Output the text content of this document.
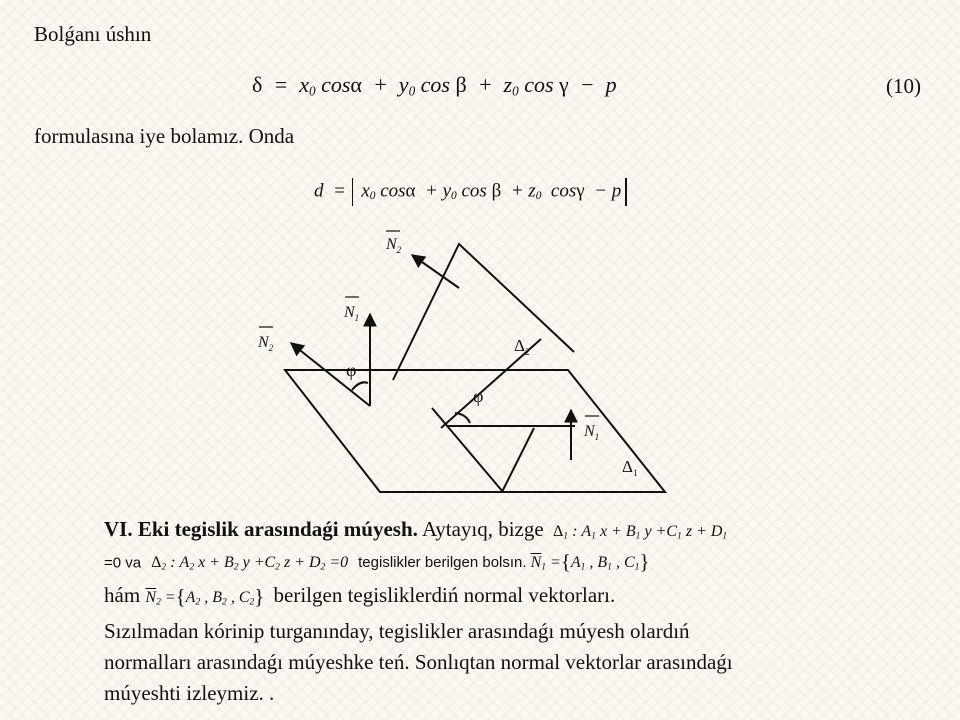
Bolǵanı úshın
$\delta = x_0$ $\cos\alpha + y_0$ $\cos \beta + z_0$ cos γ  −  p	(10)
formulasına iye bolamız. Onda
$d = x_0$ $\cos\alpha + y_0$ $\cos \beta + z_0$  cosγ  − p
$N_2$
$N_1$
$N_2$
$N_1$
$\Delta_2$
$\Delta_1$
φ
φ
VI. Eki tegislik arasındaǵi múyesh. Aytayıq, bizge $\Delta_1$ : $A_1$ $x + B_1$ $y +C_1$ $z + D_1$
=0 va $\Delta_2$ : $A_2$ $x + B_2$ $y +C_2$ $z + D_2 =0$ tegislikler berilgen bolsın. $\overline{N}_1 =\{A_1$ , $B_1$ , $C_1$}
hám $\overline{N}_2 =\{A_2$ , $B_2$ , $C_2$} berilgen tegisliklerdiń normal vektorları.
Sızılmadan kórinip turganınday, tegislikler arasındaǵı múyesh olardıń
normalları arasındaǵı múyeshke teń. Sonlıqtan normal vektorlar arasındaǵı
múyeshti izleymiz. .
